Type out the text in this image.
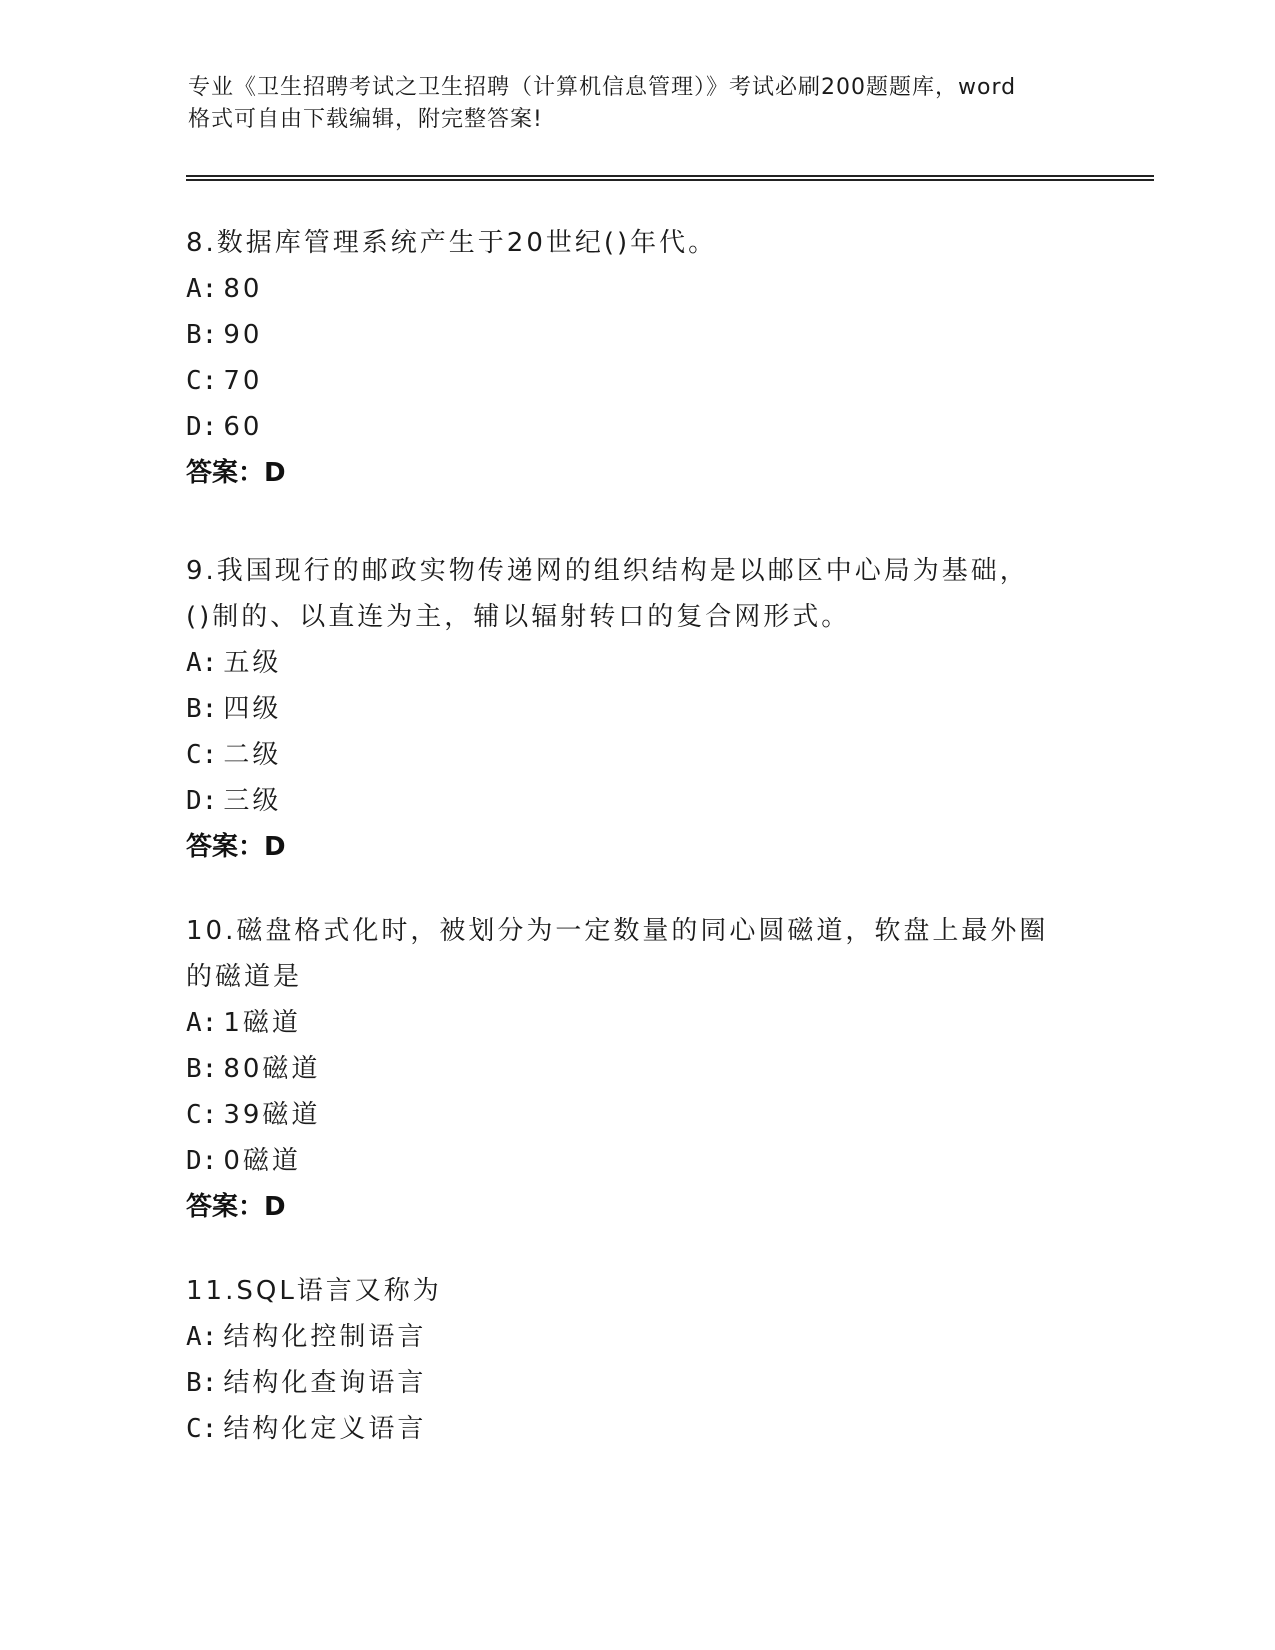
专业《卫生招聘考试之卫生招聘（计算机信息管理）》考试必刷200题题库，word
格式可自由下载编辑，附完整答案!
8.数据库管理系统产生于20世纪()年代。
A: 80
B: 90
C: 70
D: 60
答案：D
9.我国现行的邮政实物传递网的组织结构是以邮区中心局为基础，()制的、以直连为主，辅以辐射转口的复合网形式。
A: 五级
B: 四级
C: 二级
D: 三级
答案：D
10.磁盘格式化时，被划分为一定数量的同心圆磁道，软盘上最外圈的磁道是
A: 1磁道
B: 80磁道
C: 39磁道
D: 0磁道
答案：D
11.SQL语言又称为
A: 结构化控制语言
B: 结构化查询语言
C: 结构化定义语言
